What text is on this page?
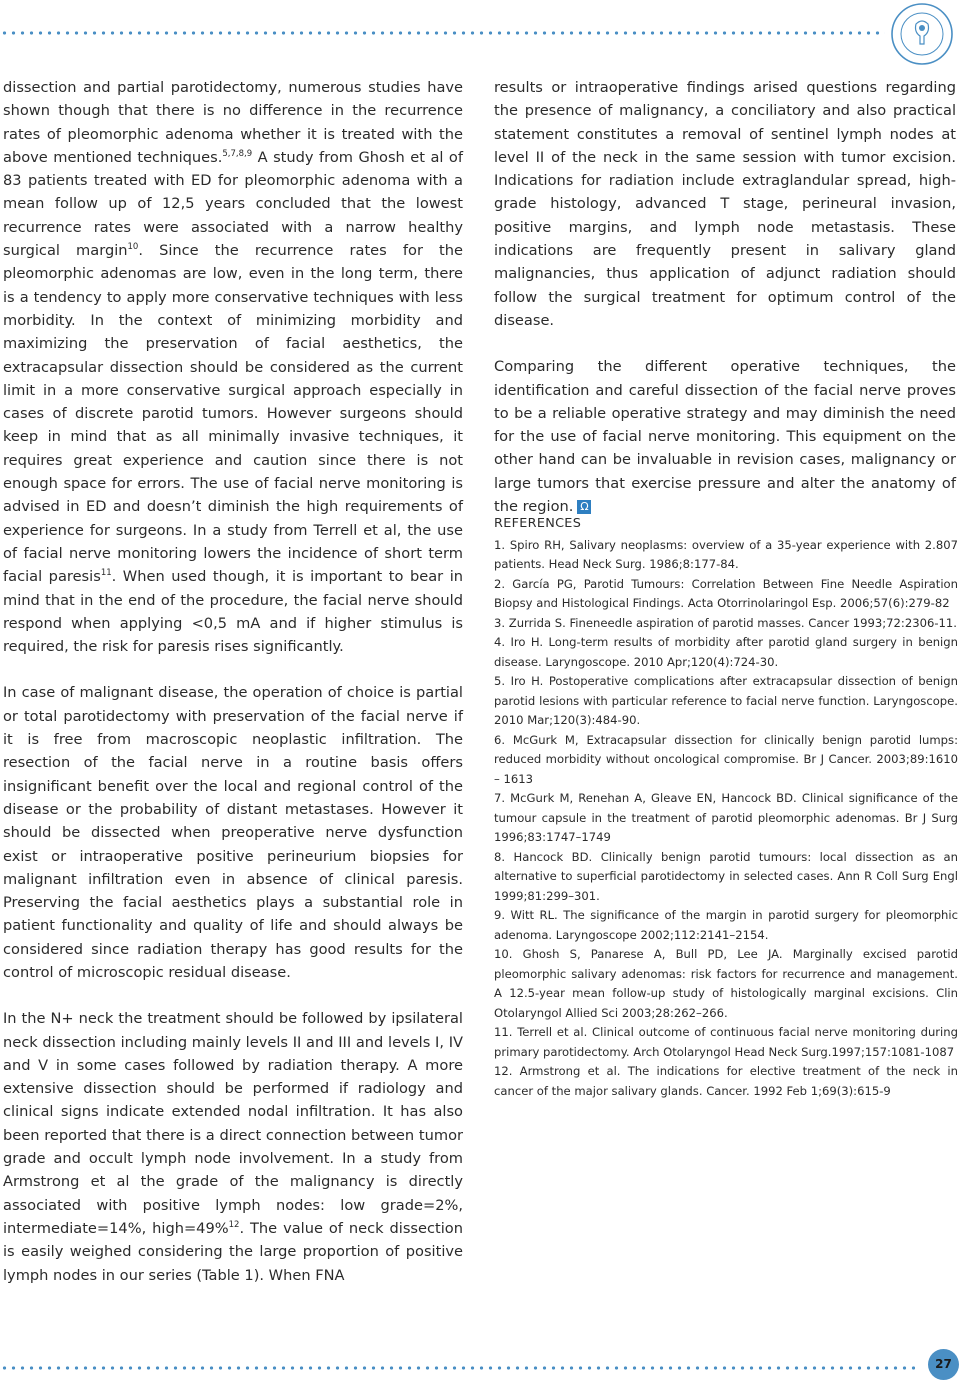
dissection and partial parotidectomy, numerous studies have shown though that there is no difference in the recurrence rates of pleomorphic adenoma whether it is treated with the above mentioned techniques.$^{5,7,8,9}$ A study from Ghosh et al of 83 patients treated with ED for pleomorphic adenoma with a mean follow up of 12,5 years concluded that the lowest recurrence rates were associated with a narrow healthy surgical margin$^{10}$. Since the recurrence rates for the pleomorphic adenomas are low, even in the long term, there is a tendency to apply more conservative techniques with less morbidity. In the context of minimizing morbidity and maximizing the preservation of facial aesthetics, the extracapsular dissection should be considered as the current limit in a more conservative surgical approach especially in cases of discrete parotid tumors. However surgeons should keep in mind that as all minimally invasive techniques, it requires great experience and caution since there is not enough space for errors. The use of facial nerve monitoring is advised in ED and doesn’t diminish the high requirements of experience for surgeons. In a study from Terrell et al, the use of facial nerve monitoring lowers the incidence of short term facial paresis$^{11}$. When used though, it is important to bear in mind that in the end of the procedure, the facial nerve should respond when applying <0,5 mA and if higher stimulus is required, the risk for paresis rises significantly.

In case of malignant disease, the operation of choice is partial or total parotidectomy with preservation of the facial nerve if it is free from macroscopic neoplastic infiltration. The resection of the facial nerve in a routine basis offers insignificant benefit over the local and regional control of the disease or the probability of distant metastases. However it should be dissected when preoperative nerve dysfunction exist or intraoperative positive perineurium biopsies for malignant infiltration even in absence of clinical paresis. Preserving the facial aesthetics plays a substantial role in patient functionality and quality of life and should always be considered since radiation therapy has good results for the control of microscopic residual disease.

In the N+ neck the treatment should be followed by ipsilateral neck dissection including mainly levels II and III and levels I, IV and V in some cases followed by radiation therapy. A more extensive dissection should be performed if radiology and clinical signs indicate extended nodal infiltration. It has also been reported that there is a direct connection between tumor grade and occult lymph node involvement. In a study from Armstrong et al the grade of the malignancy is directly associated with positive lymph nodes: low grade=2%, intermediate=14%, high=49%$^{12}$. The value of neck dissection is easily weighed considering the large proportion of positive lymph nodes in our series (Table 1). When FNA

results or intraoperative findings arised questions regarding the presence of malignancy, a conciliatory and also practical statement constitutes a removal of sentinel lymph nodes at level II of the neck in the same session with tumor excision. Indications for radiation include extraglandular spread, high-grade histology, advanced T stage, perineural invasion, positive margins, and lymph node metastasis. These indications are frequently present in salivary gland malignancies, thus application of adjunct radiation should follow the surgical treatment for optimum control of the disease.

Comparing the different operative techniques, the identification and careful dissection of the facial nerve proves to be a reliable operative strategy and may diminish the need for the use of facial nerve monitoring. This equipment on the other hand can be invaluable in revision cases, malignancy or large tumors that exercise pressure and alter the anatomy of the region. Ω

REFERENCES
1. Spiro RH, Salivary neoplasms: overview of a 35-year experience with 2.807 patients. Head Neck Surg. 1986;8:177-84.
2. García PG, Parotid Tumours: Correlation Between Fine Needle Aspiration Biopsy and Histological Findings. Acta Otorrinolaringol Esp. 2006;57(6):279-82
3. Zurrida S. Fineneedle aspiration of parotid masses. Cancer 1993;72:2306-11.
4. Iro H. Long-term results of morbidity after parotid gland surgery in benign disease. Laryngoscope. 2010 Apr;120(4):724-30.
5. Iro H. Postoperative complications after extracapsular dissection of benign parotid lesions with particular reference to facial nerve function. Laryngoscope. 2010 Mar;120(3):484-90.
6. McGurk M, Extracapsular dissection for clinically benign parotid lumps: reduced morbidity without oncological compromise. Br J Cancer. 2003;89:1610 – 1613
7. McGurk M, Renehan A, Gleave EN, Hancock BD. Clinical significance of the tumour capsule in the treatment of parotid pleomorphic adenomas. Br J Surg 1996;83:1747–1749
8. Hancock BD. Clinically benign parotid tumours: local dissection as an alternative to superficial parotidectomy in selected cases. Ann R Coll Surg Engl 1999;81:299–301.
9. Witt RL. The significance of the margin in parotid surgery for pleomorphic adenoma. Laryngoscope 2002;112:2141–2154.
10. Ghosh S, Panarese A, Bull PD, Lee JA. Marginally excised parotid pleomorphic salivary adenomas: risk factors for recurrence and management. A 12.5-year mean follow-up study of histologically marginal excisions. Clin Otolaryngol Allied Sci 2003;28:262–266.
11. Terrell et al. Clinical outcome of continuous facial nerve monitoring during primary parotidectomy. Arch Otolaryngol Head Neck Surg.1997;157:1081-1087
12. Armstrong et al. The indications for elective treatment of the neck in cancer of the major salivary glands. Cancer. 1992 Feb 1;69(3):615-9
27
